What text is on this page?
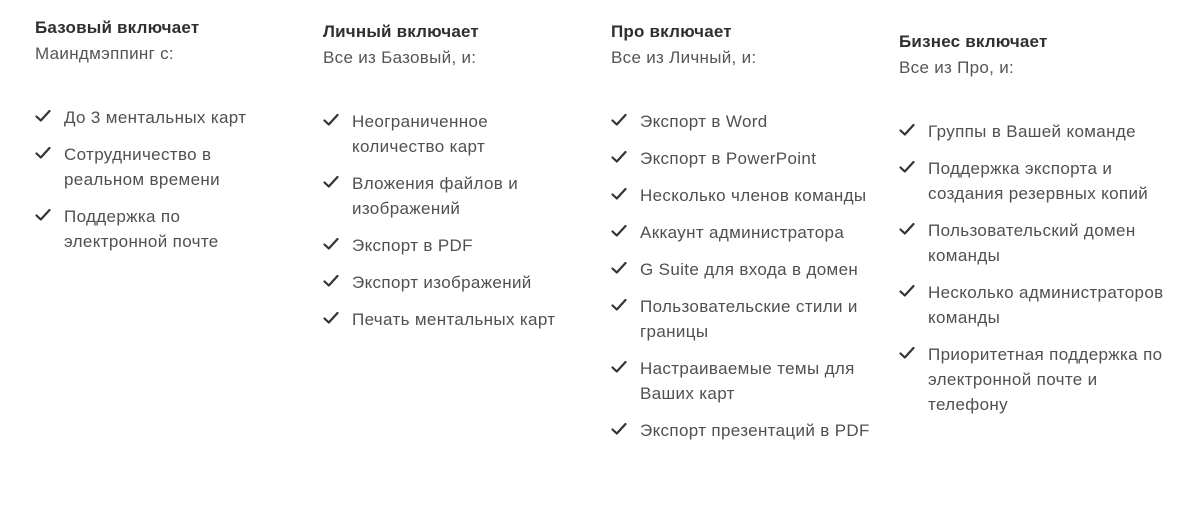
Базовый включает

Маиндмэппинг с:

До 3 ментальных карт
Сотрудничество в реальном времени
Поддержка по электронной почте
Личный включает

Все из Базовый, и:

Неограниченное количество карт
Вложения файлов и изображений
Экспорт в PDF
Экспорт изображений
Печать ментальных карт
Про включает

Все из Личный, и:

Экспорт в Word
Экспорт в PowerPoint
Несколько членов команды
Аккаунт администратора
G Suite для входа в домен
Пользовательские стили и границы
Настраиваемые темы для Ваших карт
Экспорт презентаций в PDF
Бизнес включает

Все из Про, и:

Группы в Вашей команде
Поддержка экспорта и создания резервных копий
Пользовательский домен команды
Несколько администраторов команды
Приоритетная поддержка по электронной почте и телефону
